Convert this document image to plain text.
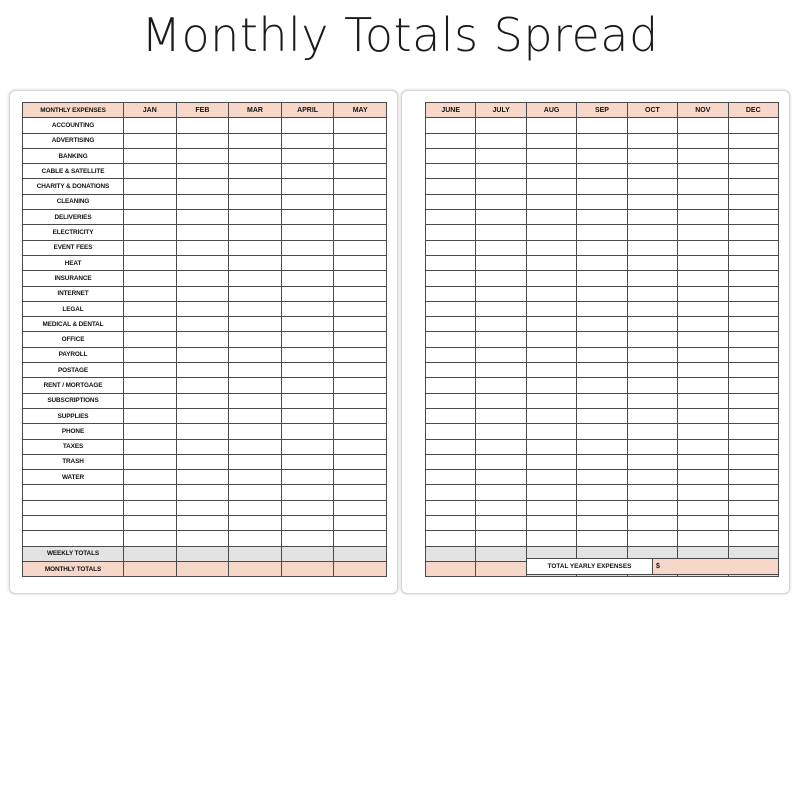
Monthly Totals Spread
MONTHLY EXPENSES	JAN	FEB	MAR	APRIL	MAY
ACCOUNTING					
ADVERTISING					
BANKING					
CABLE & SATELLITE					
CHARITY & DONATIONS					
CLEANING					
DELIVERIES					
ELECTRICITY					
EVENT FEES					
HEAT					
INSURANCE					
INTERNET					
LEGAL					
MEDICAL & DENTAL					
OFFICE					
PAYROLL					
POSTAGE					
RENT / MORTGAGE					
SUBSCRIPTIONS					
SUPPLIES					
PHONE					
TAXES					
TRASH					
WATER					

WEEKLY TOTALS					
MONTHLY TOTALS					
JUNE	JULY	AUG	SEP	OCT	NOV	DEC

TOTAL YEARLY EXPENSES	$
